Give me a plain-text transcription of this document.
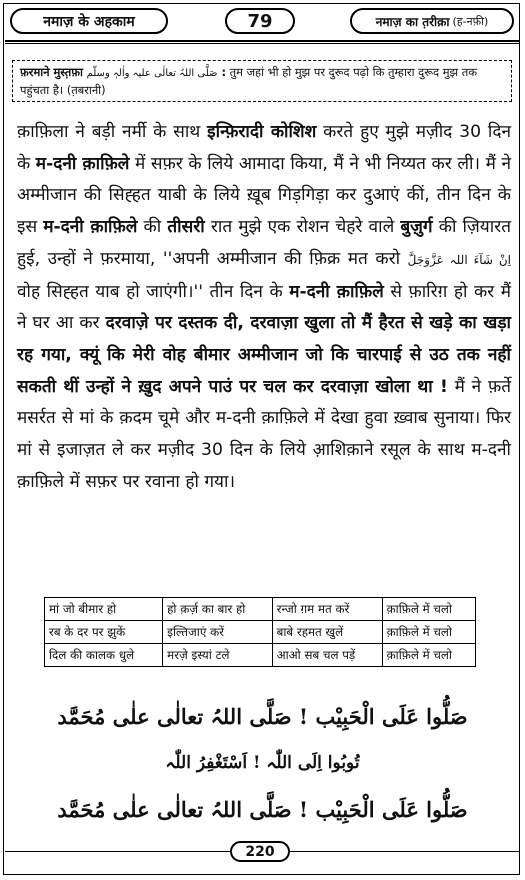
नमाज़ के अहकाम	79	नमाज़ का त़रीक़ा (ह-नफ़ी)
फ़रमाने मुस्त़फ़ा صَلَّی اللہُ تعالٰی علیہ واٰلہٖ وسلّم : तुम जहां भी हो मुझ पर दुरूद पढ़ो कि तुम्हारा दुरूद मुझ तक पहुंचता है। (त़बरानी)
क़ाफ़िला ने बड़ी नर्मी के साथ इन्फ़िरादी कोशिश करते हुए मुझे मज़ीद 30 दिन के म-दनी क़ाफ़िले में सफ़र के लिये आमादा किया, मैं ने भी निय्यत कर ली। मैं ने अम्मीजान की सिह्हत याबी के लिये ख़ूब गिड़गिड़ा कर दुआएं कीं, तीन दिन के इस म-दनी क़ाफ़िले की तीसरी रात मुझे एक रोशन चेहरे वाले बुज़ुर्ग की ज़ियारत हुई, उन्हों ने फ़रमाया, ''अपनी अम्मीजान की फ़िक्र मत करो اِنْ شَآءَ اللہ عَزَّوَجَلَّ वोह सिह्हत याब हो जाएंगी।'' तीन दिन के म-दनी क़ाफ़िले से फ़ारिग़ हो कर मैं ने घर आ कर दरवाज़े पर दस्तक दी, दरवाज़ा खुला तो मैं हैरत से खड़े का खड़ा रह गया, क्यूं कि मेरी वोह बीमार अम्मीजान जो कि चारपाई से उठ तक नहीं सकती थीं उन्हों ने ख़ुद अपने पाउं पर चल कर दरवाज़ा खोला था ! मैं ने फ़र्ते मसर्रत से मां के क़दम चूमे और म-दनी क़ाफ़िले में देखा हुवा ख़्वाब सुनाया। फिर मां से इजाज़त ले कर मज़ीद 30 दिन के लिये आ़शिक़ाने रसूल के साथ म-दनी क़ाफ़िले में सफ़र पर रवाना हो गया।
मां जो बीमार हो	हो क़र्ज़ का बार हो	रन्जो ग़म मत करें	क़ाफ़िले में चलो
रब के दर पर झुकें	इल्तिजाएं करें	बाबे रहमत खुलें	क़ाफ़िले में चलो
दिल की कालक धुले	मरज़े इस्यां टले	आओ सब चल पड़ें	क़ाफ़िले में चलो
صَلُّوا عَلَی الْحَبِیْب ! صَلَّی اللہُ تعالٰی علٰی مُحَمَّد
تُوبُوا اِلَی اللّٰہ ! اَسْتَغْفِرُ اللّٰہ
صَلُّوا عَلَی الْحَبِیْب ! صَلَّی اللہُ تعالٰی علٰی مُحَمَّد
220
